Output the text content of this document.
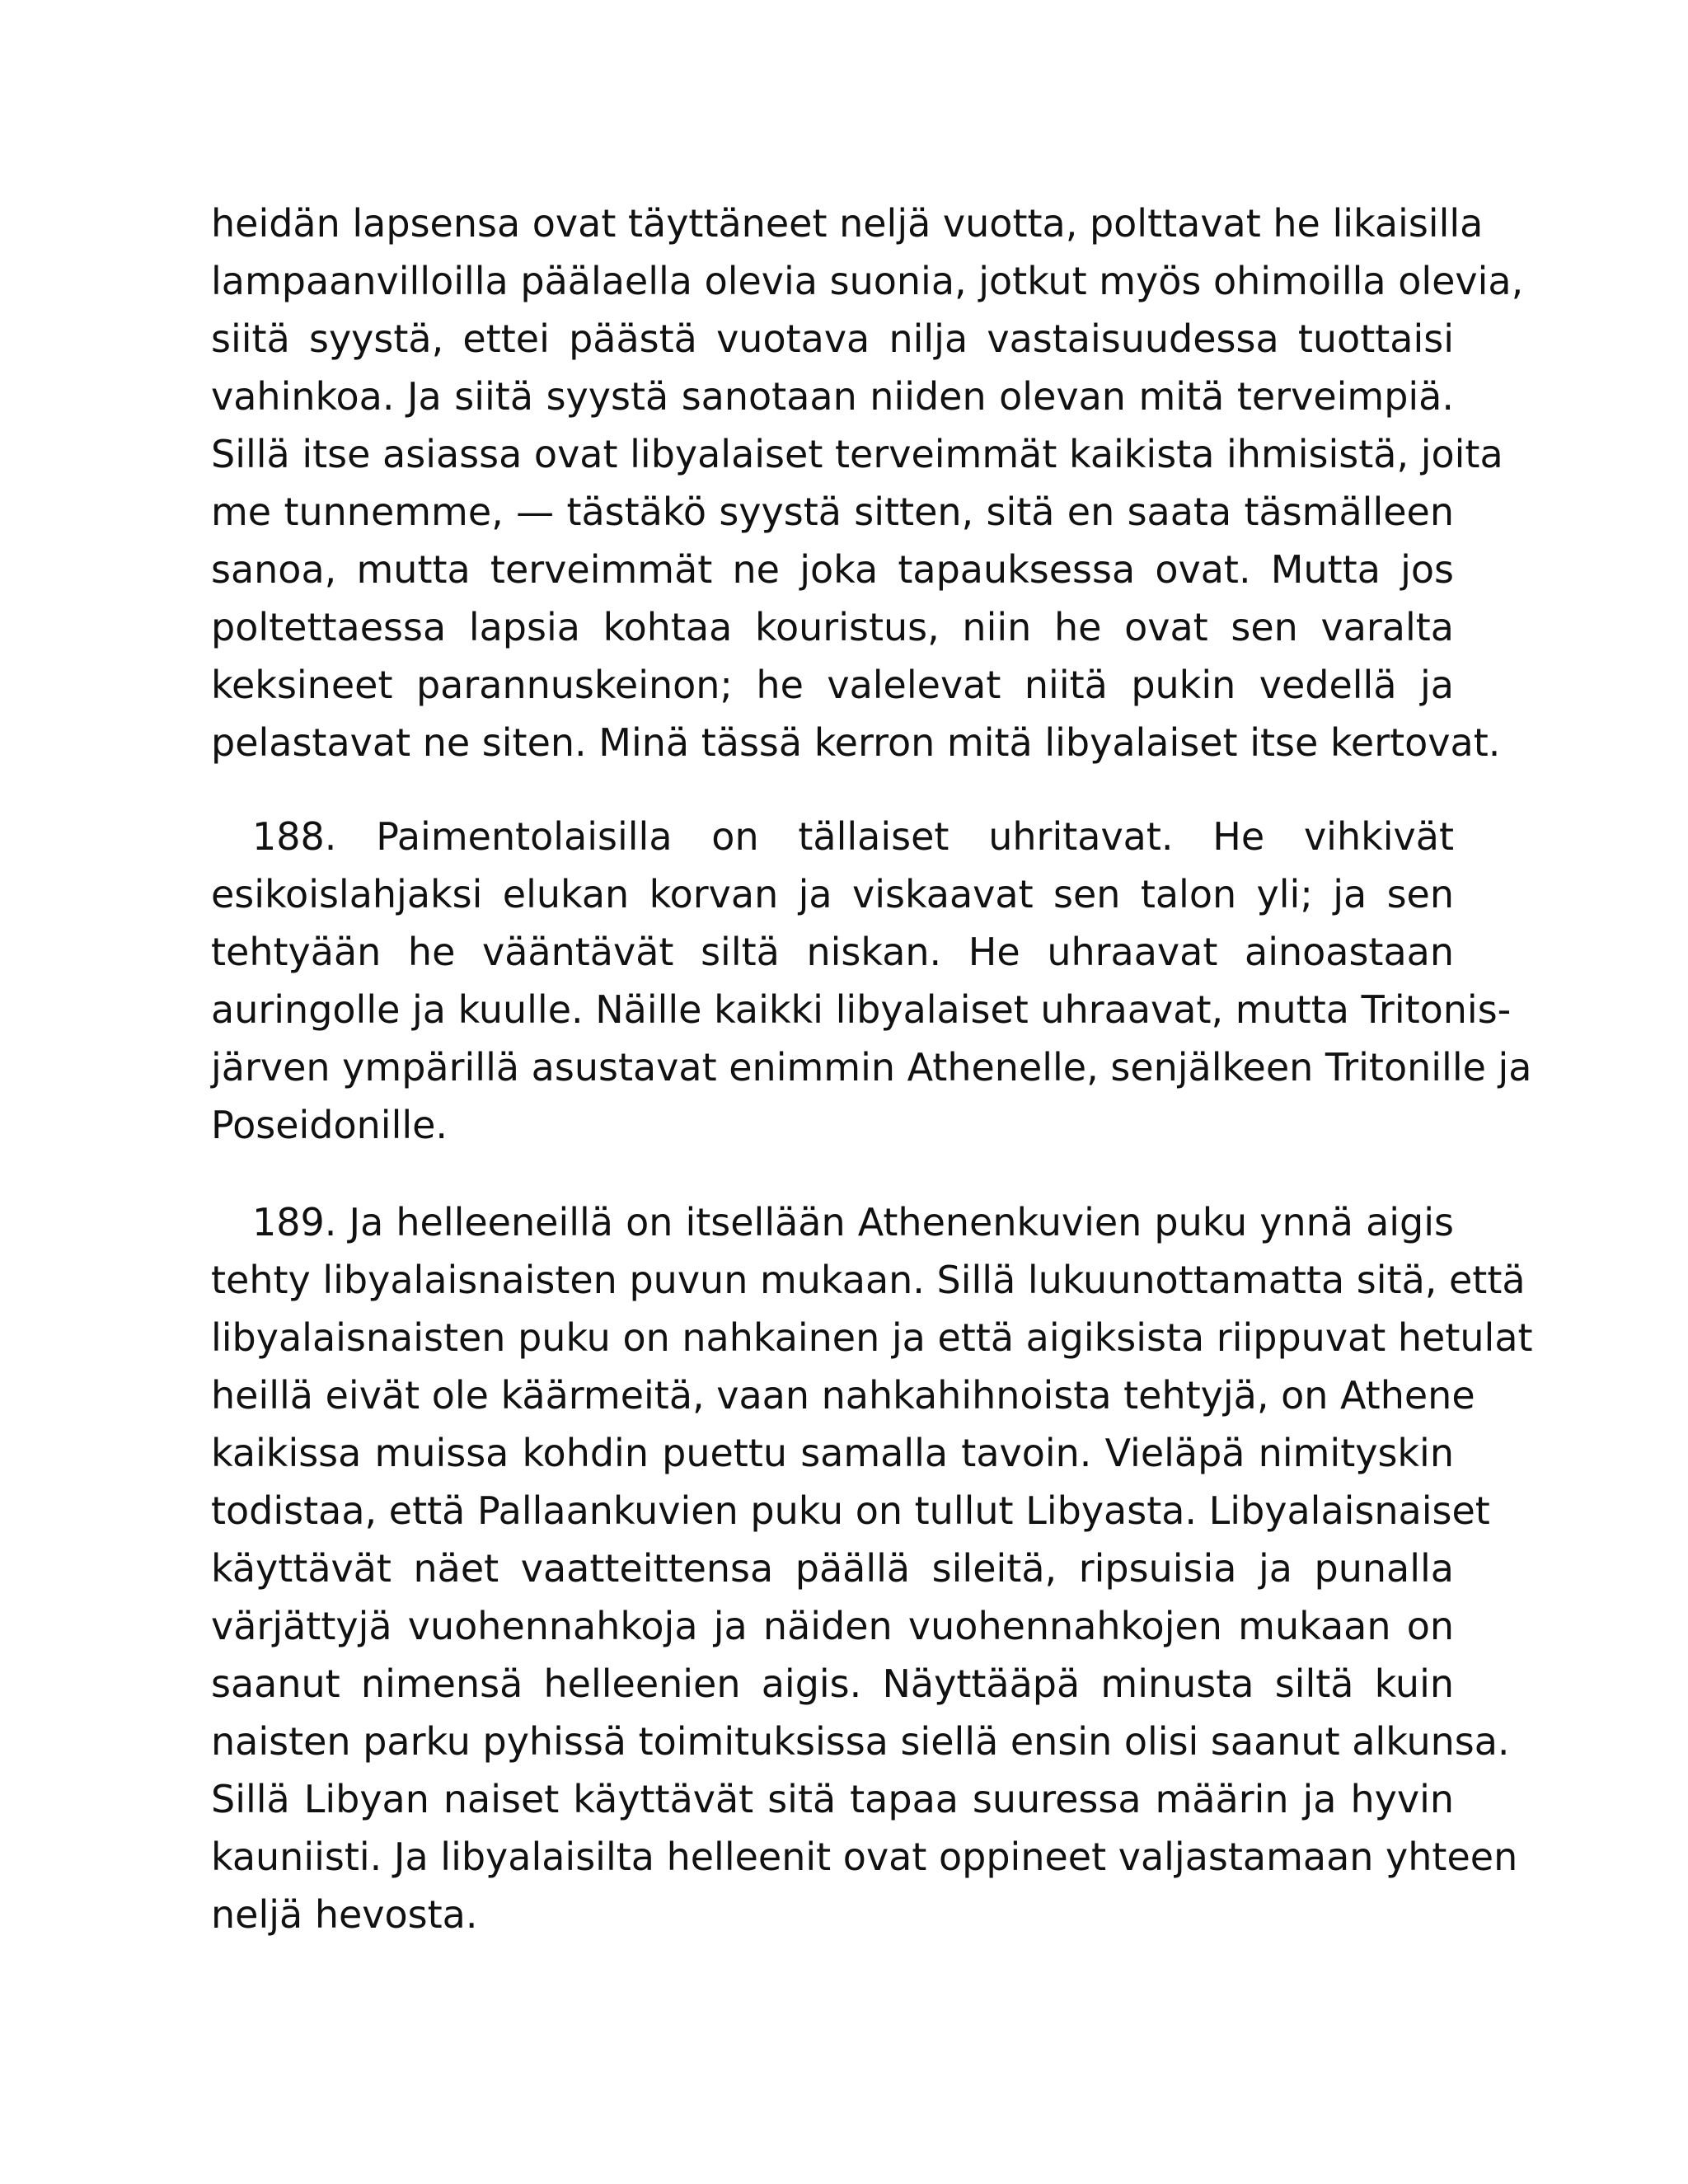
heidän lapsensa ovat täyttäneet neljä vuotta, polttavat he likaisilla
lampaanvilloilla päälaella olevia suonia, jotkut myös ohimoilla olevia,
siitä syystä, ettei päästä vuotava nilja vastaisuudessa tuottaisi
vahinkoa. Ja siitä syystä sanotaan niiden olevan mitä terveimpiä.
Sillä itse asiassa ovat libyalaiset terveimmät kaikista ihmisistä, joita
me tunnemme, — tästäkö syystä sitten, sitä en saata täsmälleen
sanoa, mutta terveimmät ne joka tapauksessa ovat. Mutta jos
poltettaessa lapsia kohtaa kouristus, niin he ovat sen varalta
keksineet parannuskeinon; he valelevat niitä pukin vedellä ja
pelastavat ne siten. Minä tässä kerron mitä libyalaiset itse kertovat.
188. Paimentolaisilla on tällaiset uhritavat. He vihkivät
esikoislahjaksi elukan korvan ja viskaavat sen talon yli; ja sen
tehtyään he vääntävät siltä niskan. He uhraavat ainoastaan
auringolle ja kuulle. Näille kaikki libyalaiset uhraavat, mutta Tritonis-
järven ympärillä asustavat enimmin Athenelle, senjälkeen Tritonille ja
Poseidonille.
189. Ja helleeneillä on itsellään Athenenkuvien puku ynnä aigis
tehty libyalaisnaisten puvun mukaan. Sillä lukuunottamatta sitä, että
libyalaisnaisten puku on nahkainen ja että aigiksista riippuvat hetulat
heillä eivät ole käärmeitä, vaan nahkahihnoista tehtyjä, on Athene
kaikissa muissa kohdin puettu samalla tavoin. Vieläpä nimityskin
todistaa, että Pallaankuvien puku on tullut Libyasta. Libyalaisnaiset
käyttävät näet vaatteittensa päällä sileitä, ripsuisia ja punalla
värjättyjä vuohennahkoja ja näiden vuohennahkojen mukaan on
saanut nimensä helleenien aigis. Näyttääpä minusta siltä kuin
naisten parku pyhissä toimituksissa siellä ensin olisi saanut alkunsa.
Sillä Libyan naiset käyttävät sitä tapaa suuressa määrin ja hyvin
kauniisti. Ja libyalaisilta helleenit ovat oppineet valjastamaan yhteen
neljä hevosta.
